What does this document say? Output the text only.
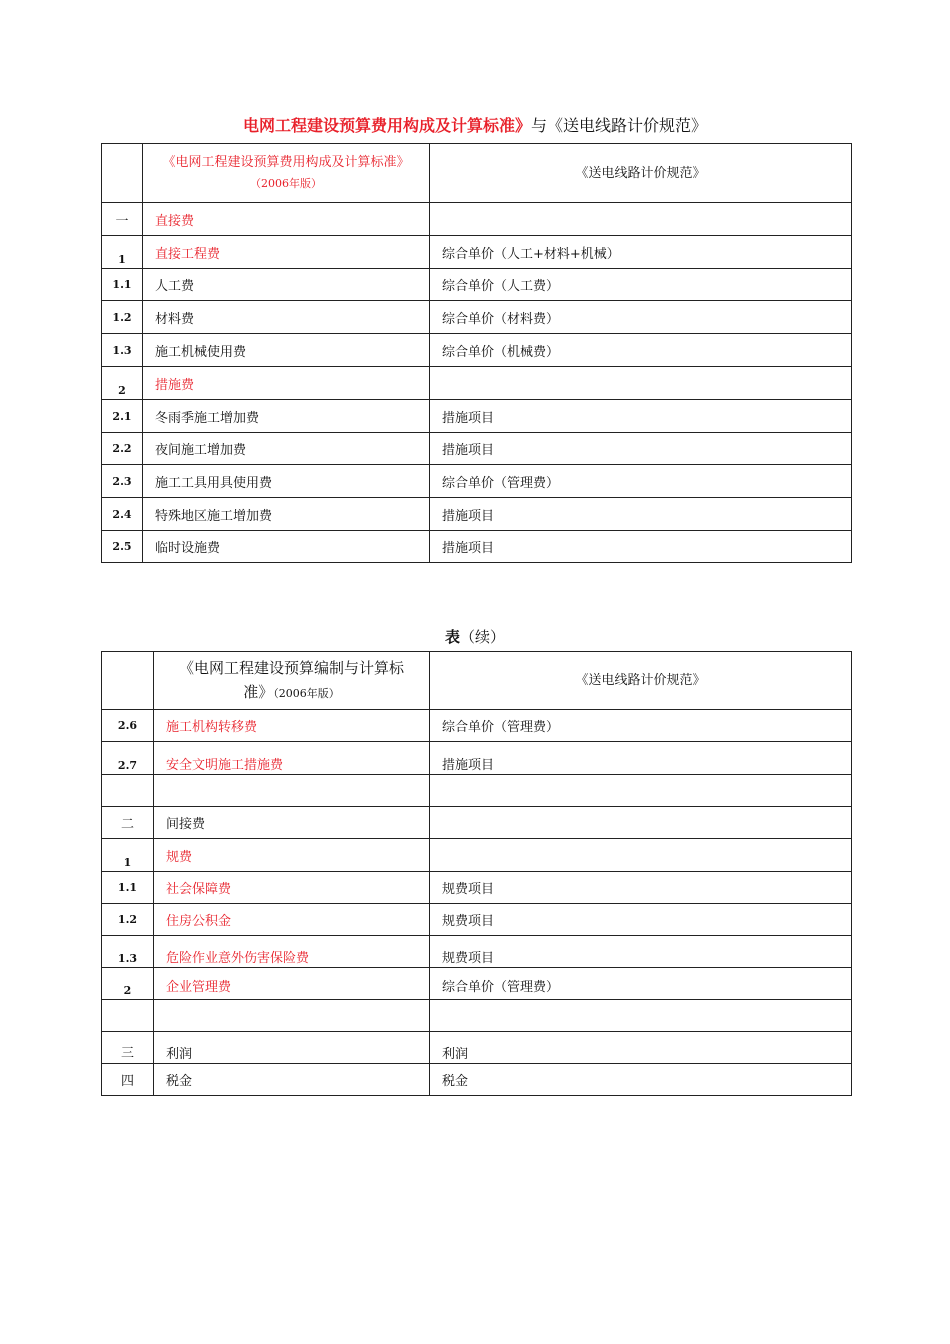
电网工程建设预算费用构成及计算标准》与《送电线路计价规范》

	《电网工程建设预算费用构成及计算标准》
（2006年版）	《送电线路计价规范》
一	直接费	

1	直接工程费	综合单价（人工+材料+机械）
1.1	人工费	综合单价（人工费）
1.2	材料费	综合单价（材料费）
1.3	施工机械使用费	综合单价（机械费）

2	措施费	
2.1	冬雨季施工增加费	措施项目
2.2	夜间施工增加费	措施项目
2.3	施工工具用具使用费	综合单价（管理费）
2.4	特殊地区施工增加费	措施项目
2.5	临时设施费	措施项目
表（续）

	《电网工程建设预算编制与计算标
准》（2006年版）	《送电线路计价规范》
2.6	施工机构转移费	综合单价（管理费）

2.7	安全文明施工措施费	措施项目

二	间接费	

1	规费	
1.1	社会保障费	规费项目
1.2	住房公积金	规费项目

1.3	危险作业意外伤害保险费	规费项目

2	企业管理费	综合单价（管理费）

三	利润	利润

四	税金	税金
